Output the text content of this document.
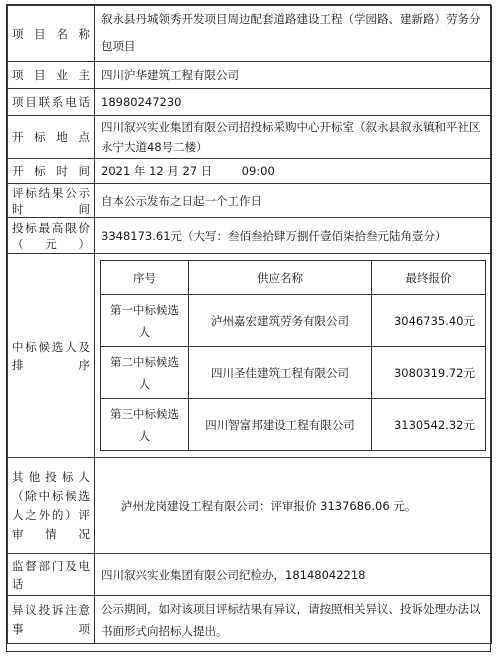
项目名称	叙永县丹城领秀开发项目周边配套道路建设工程（学园路、建新路）劳务分包项目
项目业主	四川沪华建筑工程有限公司
项目联系电话	18980247230
开标地点	四川叙兴实业集团有限公司招投标采购中心开标室（叙永县叙永镇和平社区永宁大道48号二楼）
开标时间	2021 年 12 月 27 日	09:00
评标结果公示时间	自本公示发布之日起一个工作日
投标最高限价（元）	3348173.61元（大写：叁佰叁拾肆万捌仟壹佰柒拾叁元陆角壹分）
中标候选人及排序	
序号	供应名称	最终报价
第一中标候选人	泸州嘉宏建筑劳务有限公司	3046735.40元
第二中标候选人	四川圣佳建筑工程有限公司	3080319.72元
第三中标候选人	四川智富邦建设工程有限公司	3130542.32元

其他投标人（除中标候选人之外的）评审情况	泸州龙岗建设工程有限公司：评审报价 3137686.06 元。
监督部门及电话	四川叙兴实业集团有限公司纪检办，18148042218
异议投诉注意事项	公示期间，如对该项目评标结果有异议，请按照相关异议、投诉处理办法以书面形式向招标人提出。
